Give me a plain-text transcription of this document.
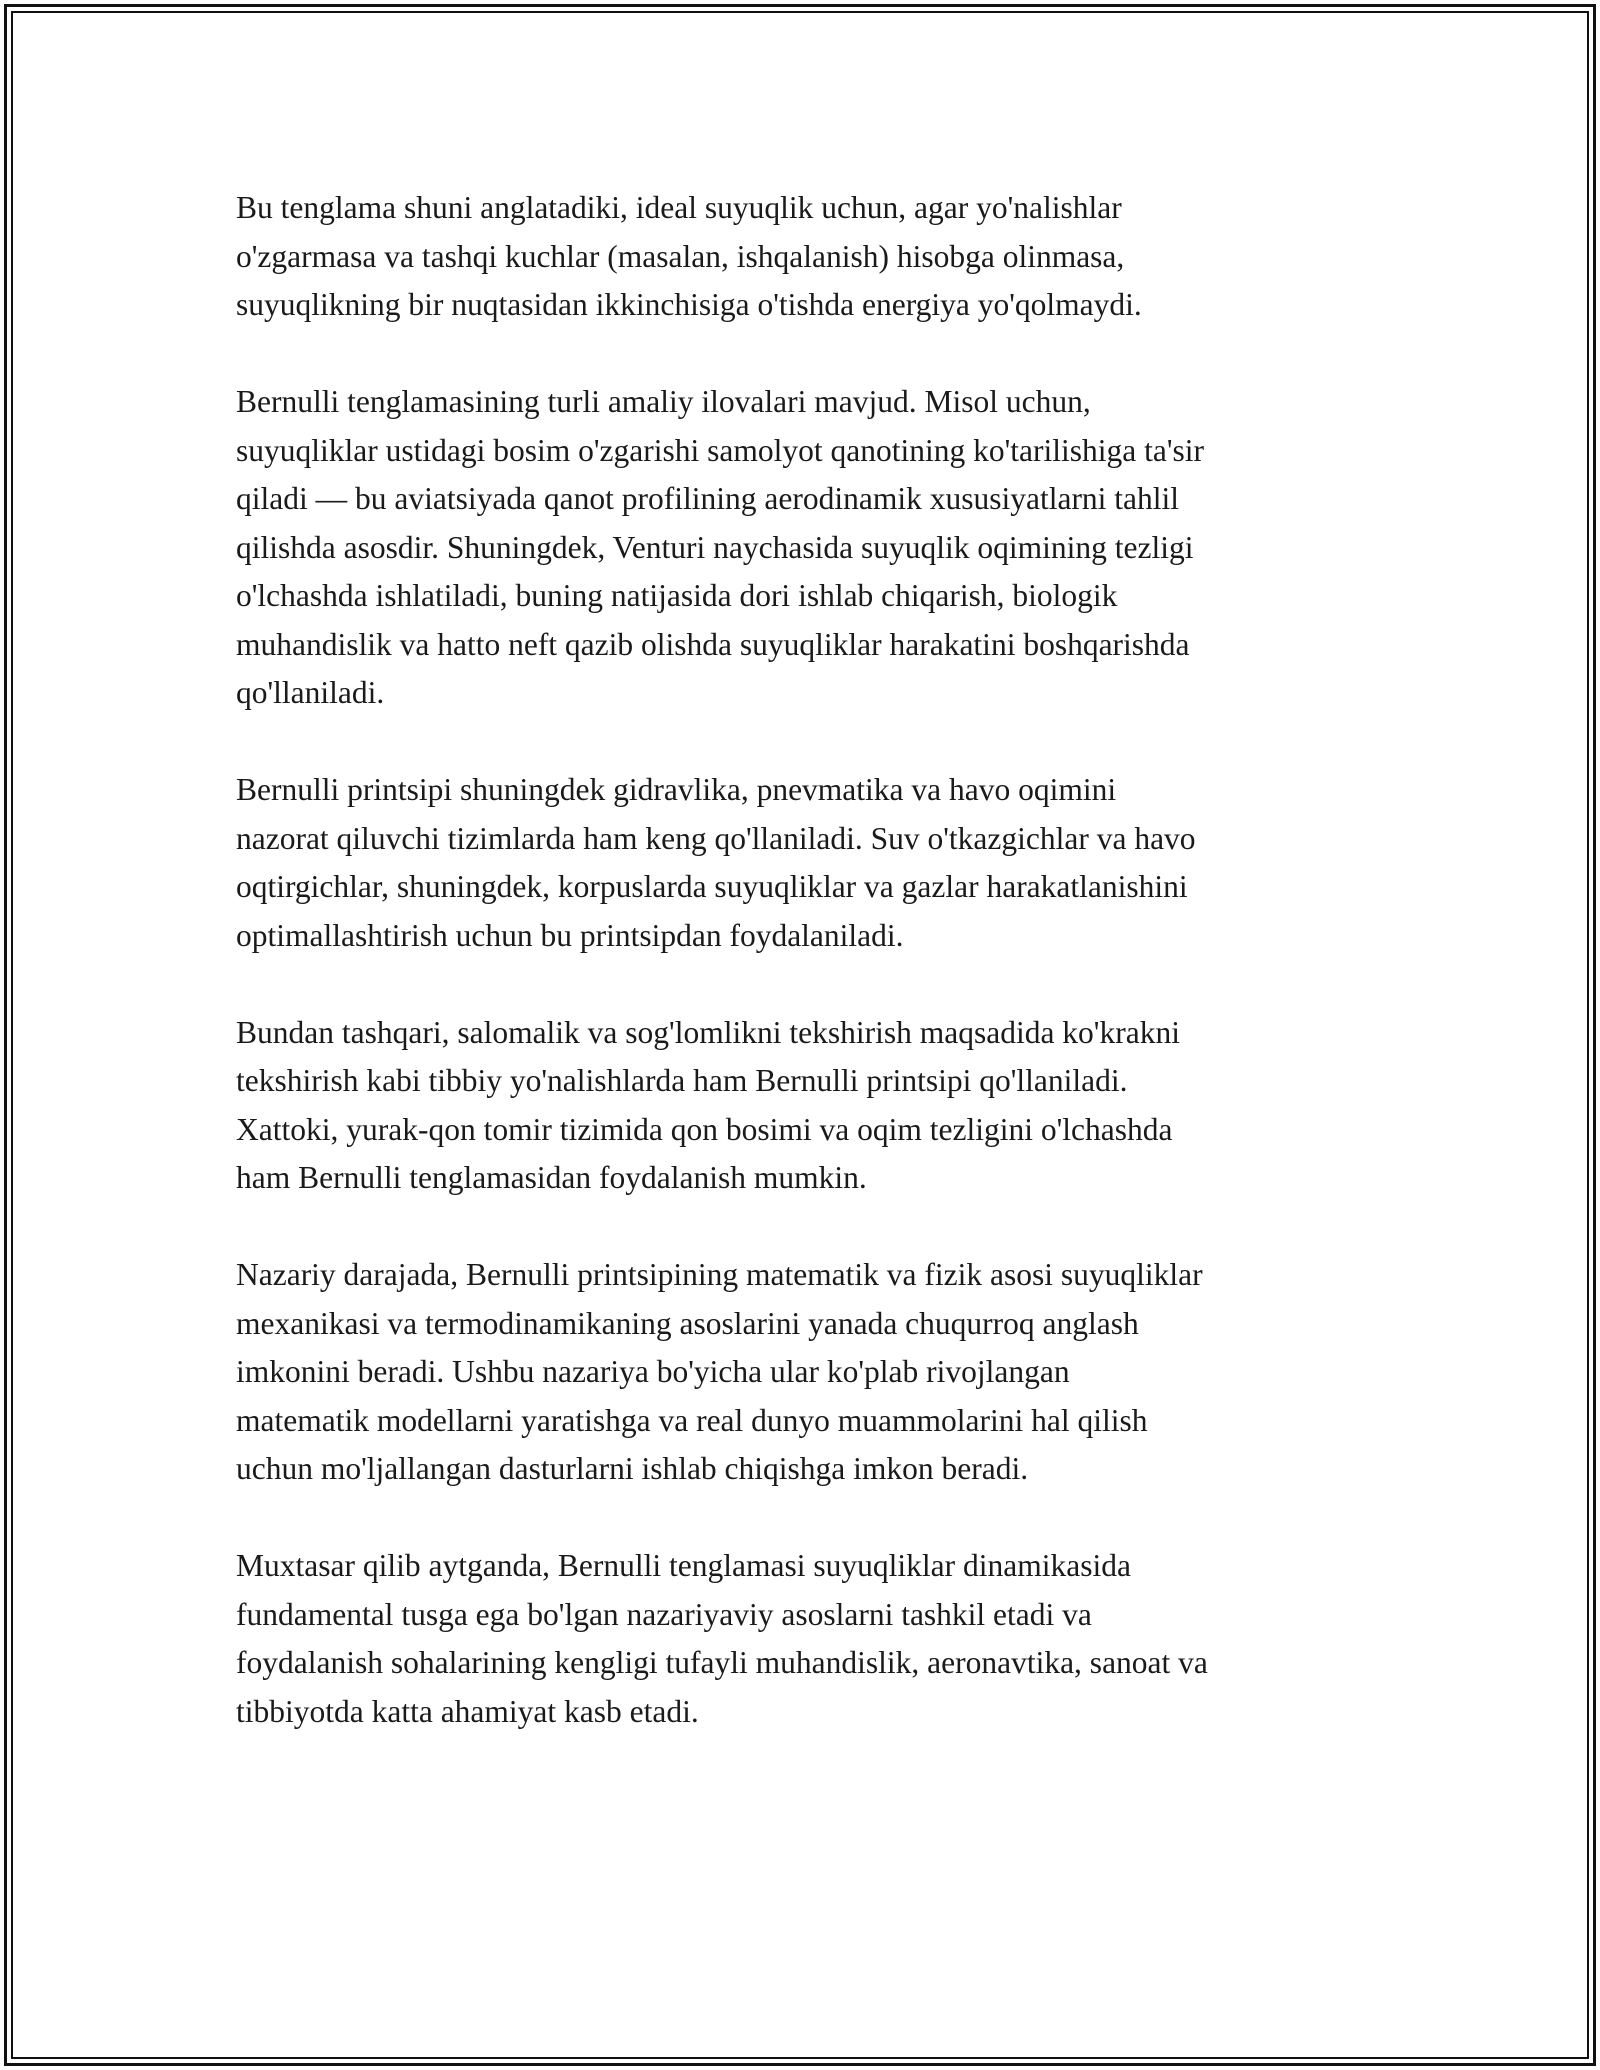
Bu tenglama shuni anglatadiki, ideal suyuqlik uchun, agar yo'nalishlar
o'zgarmasa va tashqi kuchlar (masalan, ishqalanish) hisobga olinmasa,
suyuqlikning bir nuqtasidan ikkinchisiga o'tishda energiya yo'qolmaydi.

Bernulli tenglamasining turli amaliy ilovalari mavjud. Misol uchun,
suyuqliklar ustidagi bosim o'zgarishi samolyot qanotining ko'tarilishiga ta'sir
qiladi — bu aviatsiyada qanot profilining aerodinamik xususiyatlarni tahlil
qilishda asosdir. Shuningdek, Venturi naychasida suyuqlik oqimining tezligi
o'lchashda ishlatiladi, buning natijasida dori ishlab chiqarish, biologik
muhandislik va hatto neft qazib olishda suyuqliklar harakatini boshqarishda
qo'llaniladi.

Bernulli printsipi shuningdek gidravlika, pnevmatika va havo oqimini
nazorat qiluvchi tizimlarda ham keng qo'llaniladi. Suv o'tkazgichlar va havo
oqtirgichlar, shuningdek, korpuslarda suyuqliklar va gazlar harakatlanishini
optimallashtirish uchun bu printsipdan foydalaniladi.

Bundan tashqari, salomalik va sog'lomlikni tekshirish maqsadida ko'krakni
tekshirish kabi tibbiy yo'nalishlarda ham Bernulli printsipi qo'llaniladi.
Xattoki, yurak-qon tomir tizimida qon bosimi va oqim tezligini o'lchashda
ham Bernulli tenglamasidan foydalanish mumkin.

Nazariy darajada, Bernulli printsipining matematik va fizik asosi suyuqliklar
mexanikasi va termodinamikaning asoslarini yanada chuqurroq anglash
imkonini beradi. Ushbu nazariya bo'yicha ular ko'plab rivojlangan
matematik modellarni yaratishga va real dunyo muammolarini hal qilish
uchun mo'ljallangan dasturlarni ishlab chiqishga imkon beradi.

Muxtasar qilib aytganda, Bernulli tenglamasi suyuqliklar dinamikasida
fundamental tusga ega bo'lgan nazariyaviy asoslarni tashkil etadi va
foydalanish sohalarining kengligi tufayli muhandislik, aeronavtika, sanoat va
tibbiyotda katta ahamiyat kasb etadi.
